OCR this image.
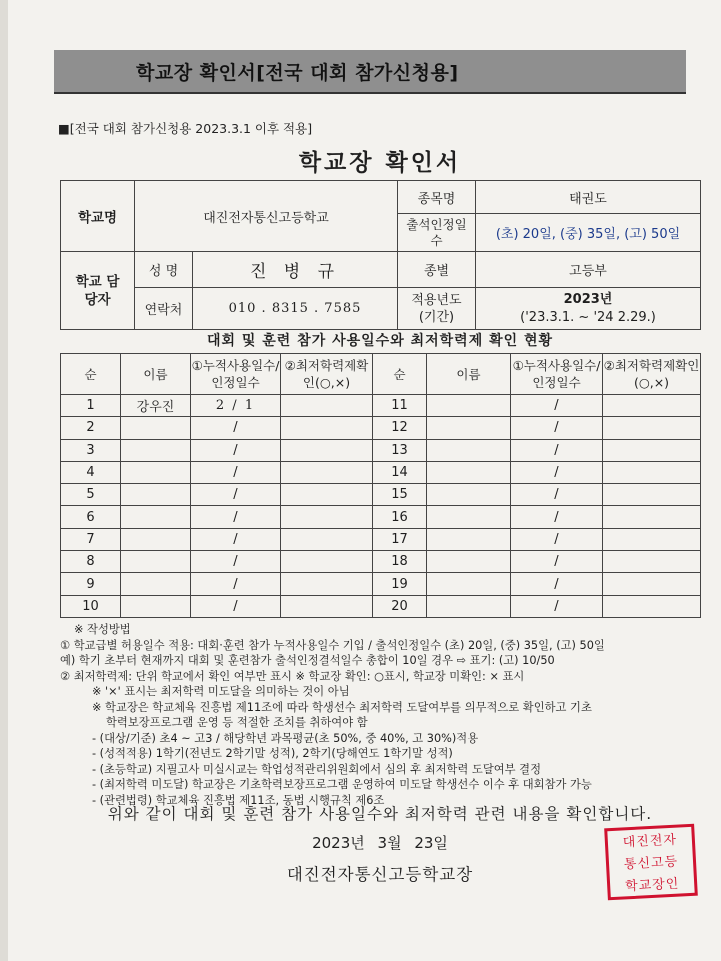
학교장 확인서[전국 대회 참가신청용]
■[전국 대회 참가신청용 2023.3.1 이후 적용]
학교장 확인서
학교명	대진전자통신고등학교		종목명	태권도
			출석인정일수	(초) 20일, (중) 35일, (고) 50일
학교 담당자	성 명	진 병 규	종별	고등부
	연락처	010 . 8315 . 7585	적용년도 (기간)	2023년
('23.3.1. ~ '24 2.29.)
대회 및 훈련 참가 사용일수와 최저학력제 확인 현황
순	이름	①누적사용일수/인정일수	②최저학력제확인(○,×)	순	이름	①누적사용일수/인정일수	②최저학력제확인(○,×)
1	강우진	2 / 1		11		/	
2		/		12		/	
3		/		13		/	
4		/		14		/	
5		/		15		/	
6		/		16		/	
7		/		17		/	
8		/		18		/	
9		/		19		/	
10		/		20		/	
※ 작성방법
① 학교급별 허용일수 적용: 대회·훈련 참가 누적사용일수 기입 / 출석인정일수 (초) 20일, (중) 35일, (고) 50일
예) 학기 초부터 현재까지 대회 및 훈련참가 출석인정결석일수 총합이 10일 경우 ⇨ 표기: (고) 10/50
② 최저학력제: 단위 학교에서 확인 여부만 표시 ※ 학교장 확인: ○표시, 학교장 미확인: × 표시
※ '×' 표시는 최저학력 미도달을 의미하는 것이 아님
※ 학교장은 학교체육 진흥법 제11조에 따라 학생선수 최저학력 도달여부를 의무적으로 확인하고 기초
학력보장프로그램 운영 등 적절한 조치를 취하여야 함
- (대상/기준) 초4 ~ 고3 / 해당학년 과목평균(초 50%, 중 40%, 고 30%)적용
- (성적적용) 1학기(전년도 2학기말 성적), 2학기(당해연도 1학기말 성적)
- (초등학교) 지필고사 미실시교는 학업성적관리위원회에서 심의 후 최저학력 도달여부 결정
- (최저학력 미도달) 학교장은 기초학력보장프로그램 운영하여 미도달 학생선수 이수 후 대회참가 가능
- (관련법령) 학교체육 진흥법 제11조, 동법 시행규칙 제6조
위와 같이 대회 및 훈련 참가 사용일수와 최저학력 관련 내용을 확인합니다.
2023년 3월 23일
대진전자통신고등학교장
대진전자
통신고등
학교장인
